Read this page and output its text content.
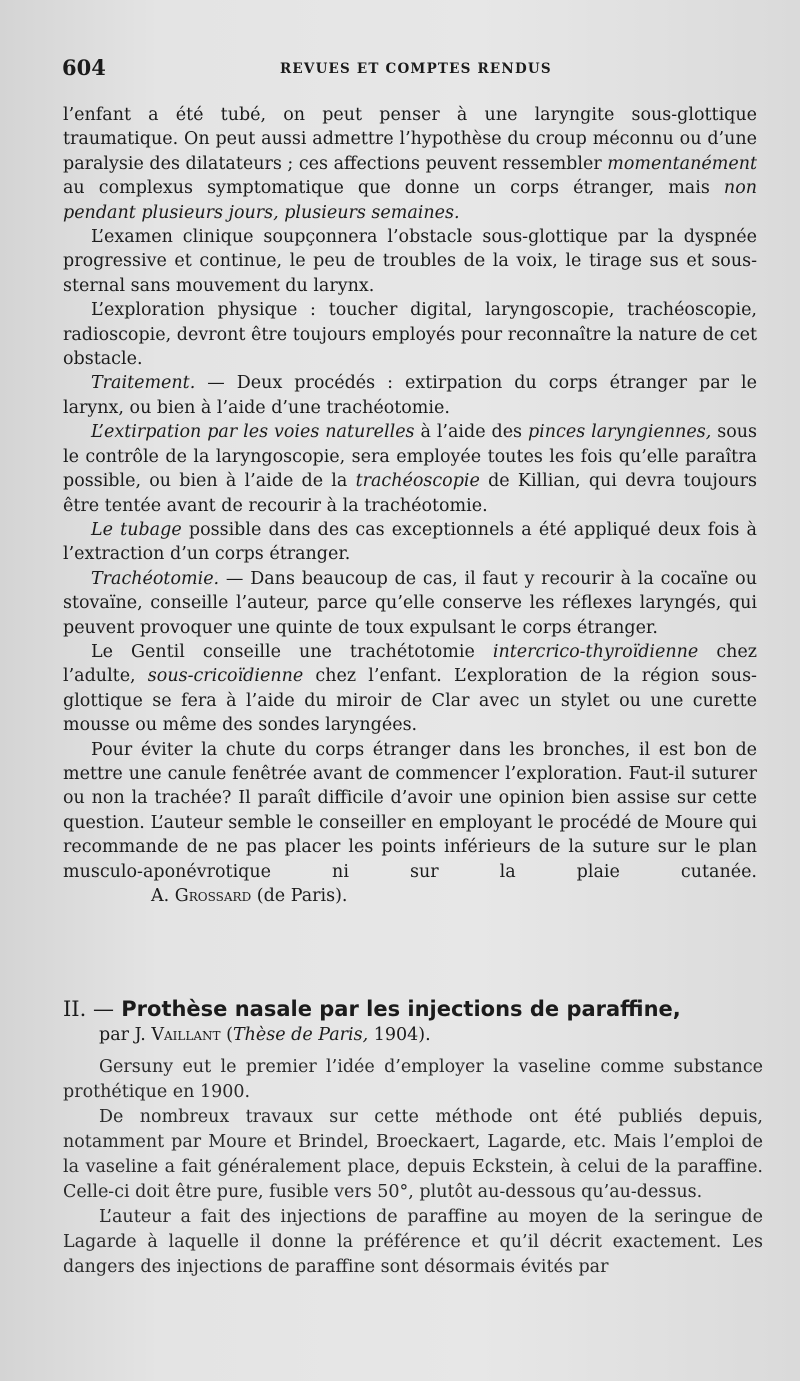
604	REVUES ET COMPTES RENDUS

l’enfant a été tubé, on peut penser à une laryngite sous-glottique traumatique. On peut aussi admettre l’hypothèse du croup méconnu ou d’une paralysie des dilatateurs ; ces affections peuvent ressembler momentanément au complexus symptomatique que donne un corps étranger, mais non pendant plusieurs jours, plusieurs semaines.

L’examen clinique soupçonnera l’obstacle sous-glottique par la dyspnée progressive et continue, le peu de troubles de la voix, le tirage sus et sous-sternal sans mouvement du larynx.

L’exploration physique : toucher digital, laryngoscopie, trachéoscopie, radioscopie, devront être toujours employés pour reconnaître la nature de cet obstacle.

Traitement. — Deux procédés : extirpation du corps étranger par le larynx, ou bien à l’aide d’une trachéotomie.

L’extirpation par les voies naturelles à l’aide des pinces laryngiennes, sous le contrôle de la laryngoscopie, sera employée toutes les fois qu’elle paraîtra possible, ou bien à l’aide de la trachéoscopie de Killian, qui devra toujours être tentée avant de recourir à la trachéotomie.

Le tubage possible dans des cas exceptionnels a été appliqué deux fois à l’extraction d’un corps étranger.

Trachéotomie. — Dans beaucoup de cas, il faut y recourir à la cocaïne ou stovaïne, conseille l’auteur, parce qu’elle conserve les réflexes laryngés, qui peuvent provoquer une quinte de toux expulsant le corps étranger.

Le Gentil conseille une trachétotomie intercrico-thyroïdienne chez l’adulte, sous-cricoïdienne chez l’enfant. L’exploration de la région sous-glottique se fera à l’aide du miroir de Clar avec un stylet ou une curette mousse ou même des sondes laryngées.

Pour éviter la chute du corps étranger dans les bronches, il est bon de mettre une canule fenêtrée avant de commencer l’exploration. Faut-il suturer ou non la trachée? Il paraît difficile d’avoir une opinion bien assise sur cette question. L’auteur semble le conseiller en employant le procédé de Moure qui recommande de ne pas placer les points inférieurs de la suture sur le plan musculo-aponévrotique ni sur la plaie cutanée. A. Grossard (de Paris).

II. — Prothèse nasale par les injections de paraffine,
par J. Vaillant (Thèse de Paris, 1904).

Gersuny eut le premier l’idée d’employer la vaseline comme substance prothétique en 1900.

De nombreux travaux sur cette méthode ont été publiés depuis, notamment par Moure et Brindel, Broeckaert, Lagarde, etc. Mais l’emploi de la vaseline a fait généralement place, depuis Eckstein, à celui de la paraffine. Celle-ci doit être pure, fusible vers 50°, plutôt au-dessous qu’au-dessus.

L’auteur a fait des injections de paraffine au moyen de la seringue de Lagarde à laquelle il donne la préférence et qu’il décrit exactement. Les dangers des injections de paraffine sont désormais évités par
